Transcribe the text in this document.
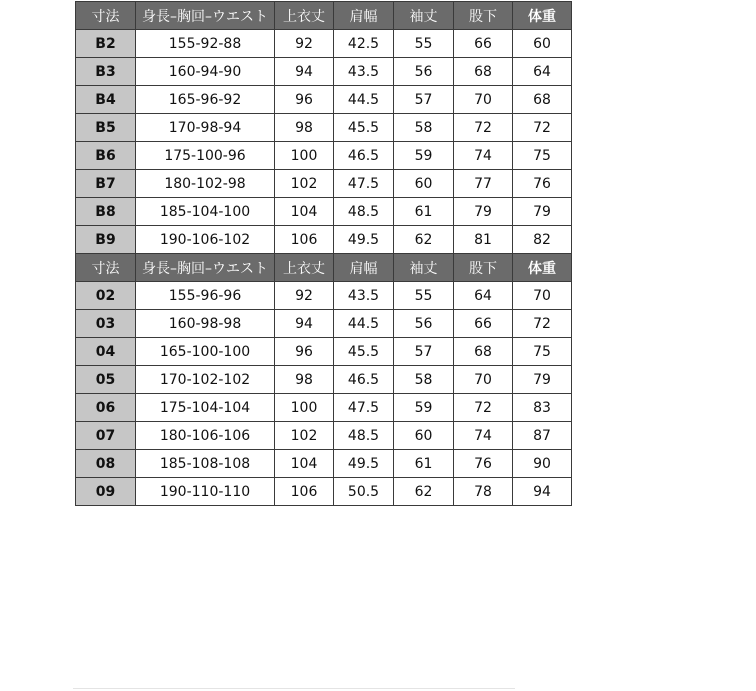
寸法	身長–胸回–ウエスト	上衣丈	肩幅	袖丈	股下	体重
B2	155-92-88	92	42.5	55	66	60
B3	160-94-90	94	43.5	56	68	64
B4	165-96-92	96	44.5	57	70	68
B5	170-98-94	98	45.5	58	72	72
B6	175-100-96	100	46.5	59	74	75
B7	180-102-98	102	47.5	60	77	76
B8	185-104-100	104	48.5	61	79	79
B9	190-106-102	106	49.5	62	81	82
寸法	身長–胸回–ウエスト	上衣丈	肩幅	袖丈	股下	体重
02	155-96-96	92	43.5	55	64	70
03	160-98-98	94	44.5	56	66	72
04	165-100-100	96	45.5	57	68	75
05	170-102-102	98	46.5	58	70	79
06	175-104-104	100	47.5	59	72	83
07	180-106-106	102	48.5	60	74	87
08	185-108-108	104	49.5	61	76	90
09	190-110-110	106	50.5	62	78	94
